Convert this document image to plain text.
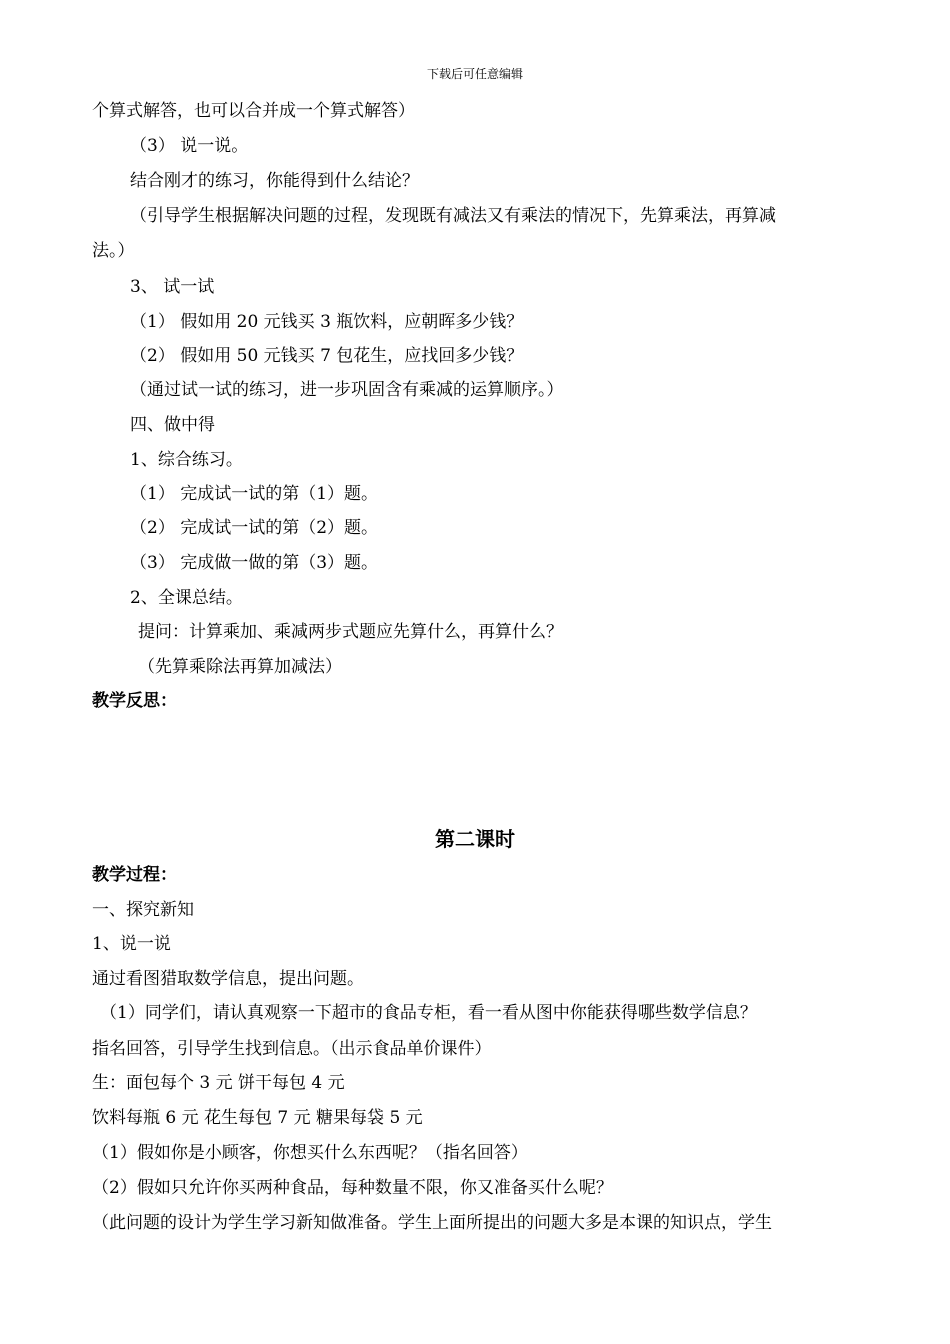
下载后可任意编辑
个算式解答，也可以合并成一个算式解答）
（3） 说一说。
结合刚才的练习，你能得到什么结论？
（引导学生根据解决问题的过程，发现既有减法又有乘法的情况下，先算乘法，再算减
法。）
3、 试一试
（1） 假如用 20 元钱买 3 瓶饮料，应朝晖多少钱？
（2） 假如用 50 元钱买 7 包花生，应找回多少钱？
（通过试一试的练习，进一步巩固含有乘减的运算顺序。）
四、做中得
1、综合练习。
（1） 完成试一试的第（1）题。
（2） 完成试一试的第（2）题。
（3） 完成做一做的第（3）题。
2、全课总结。
提问：计算乘加、乘减两步式题应先算什么，再算什么？
（先算乘除法再算加减法）
教学反思：
第二课时
教学过程：
一、探究新知
1、说一说
通过看图猎取数学信息，提出问题。
（1）同学们，请认真观察一下超市的食品专柜，看一看从图中你能获得哪些数学信息？
指名回答，引导学生找到信息。（出示食品单价课件）
生：面包每个 3 元 饼干每包 4 元
饮料每瓶 6 元 花生每包 7 元 糖果每袋 5 元
（1）假如你是小顾客，你想买什么东西呢？（指名回答）
（2）假如只允许你买两种食品，每种数量不限，你又准备买什么呢？
（此问题的设计为学生学习新知做准备。学生上面所提出的问题大多是本课的知识点，学生
